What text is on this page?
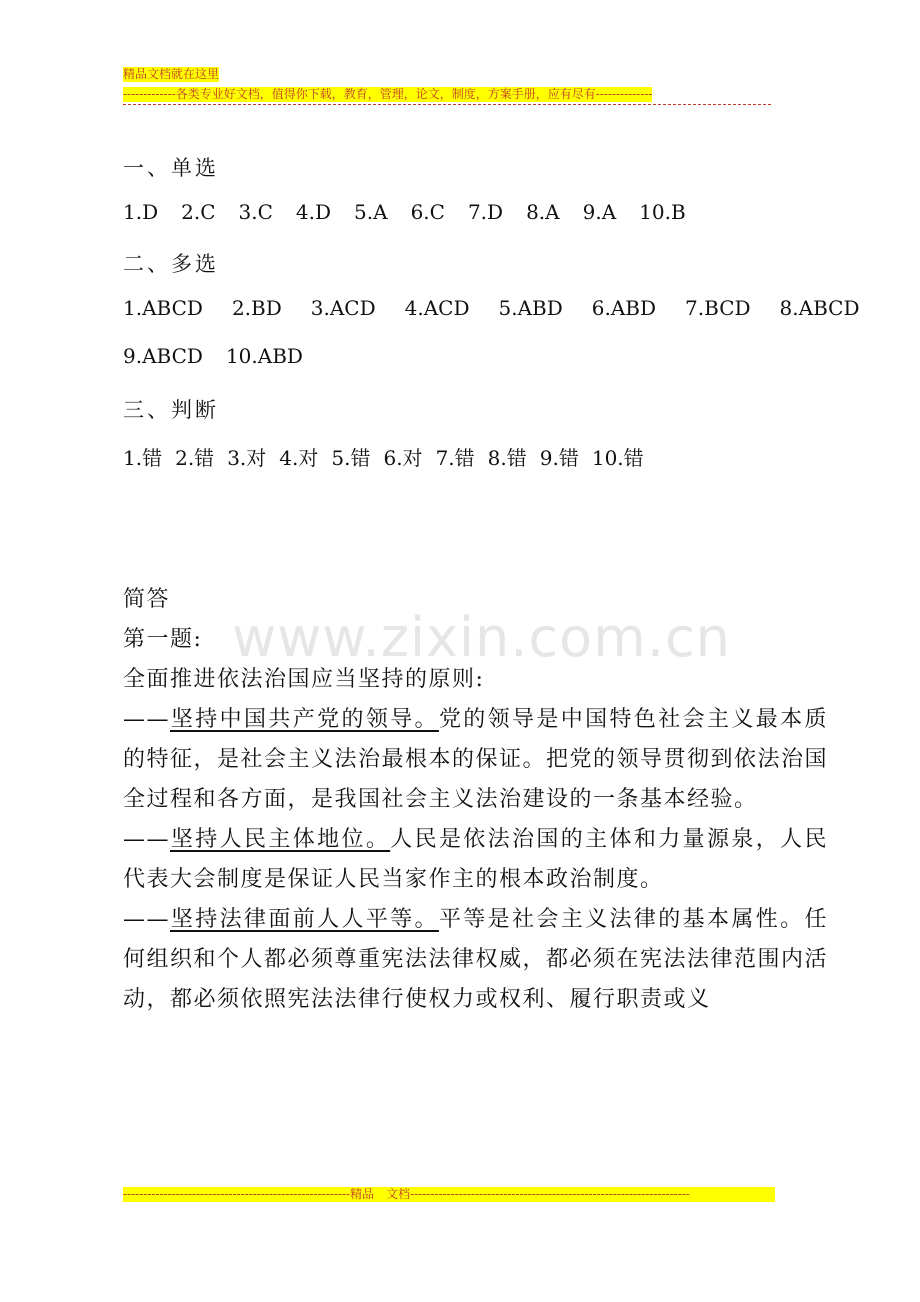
精品文档就在这里
-------------各类专业好文档，值得你下载，教育，管理，论文，制度，方案手册，应有尽有--------------
一、单选
1.D 2.C 3.C 4.D 5.A 6.C 7.D 8.A 9.A 10.B
二、多选
1.ABCD 2.BD 3.ACD 4.ACD 5.ABD 6.ABD 7.BCD 8.ABCD
9.ABCD 10.ABD
三、判断
1.错 2.错 3.对 4.对 5.错 6.对 7.错 8.错 9.错 10.错
www.zixin.com.cn

简答

第一题:

全面推进依法治国应当坚持的原则:

——坚持中国共产党的领导。党的领导是中国特色社会主义最本质的特征，是社会主义法治最根本的保证。把党的领导贯彻到依法治国全过程和各方面，是我国社会主义法治建设的一条基本经验。

——坚持人民主体地位。人民是依法治国的主体和力量源泉，人民代表大会制度是保证人民当家作主的根本政治制度。

——坚持法律面前人人平等。平等是社会主义法律的基本属性。任何组织和个人都必须尊重宪法法律权威，都必须在宪法法律范围内活动，都必须依照宪法法律行使权力或权利、履行职责或义

--------------------------------------------------------精品　文档---------------------------------------------------------------------
